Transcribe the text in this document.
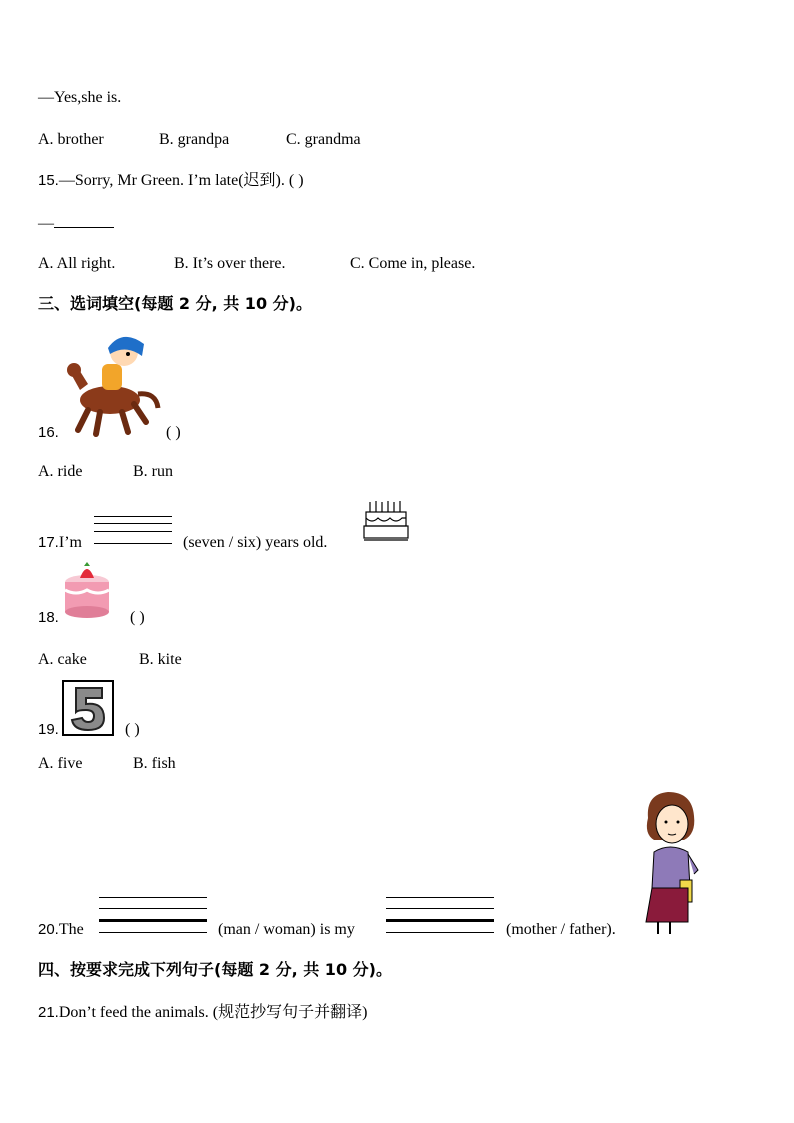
—Yes,she is.
A. brother	B. grandpa	C. grandma
15.—Sorry, Mr Green. I’m late(迟到). ( )
—
A. All right.	B. It’s over there.	C. Come in, please.
三、选词填空(每题 2 分, 共 10 分)。
16.	( )
A. ride	B. run
17.I’m	(seven / six) years old.
18.	( )
A. cake	B. kite
19.	( )
A. five	B. fish
20.The	(man / woman) is my	(mother / father).
四、按要求完成下列句子(每题 2 分, 共 10 分)。
21.Don’t feed the animals. (规范抄写句子并翻译)
